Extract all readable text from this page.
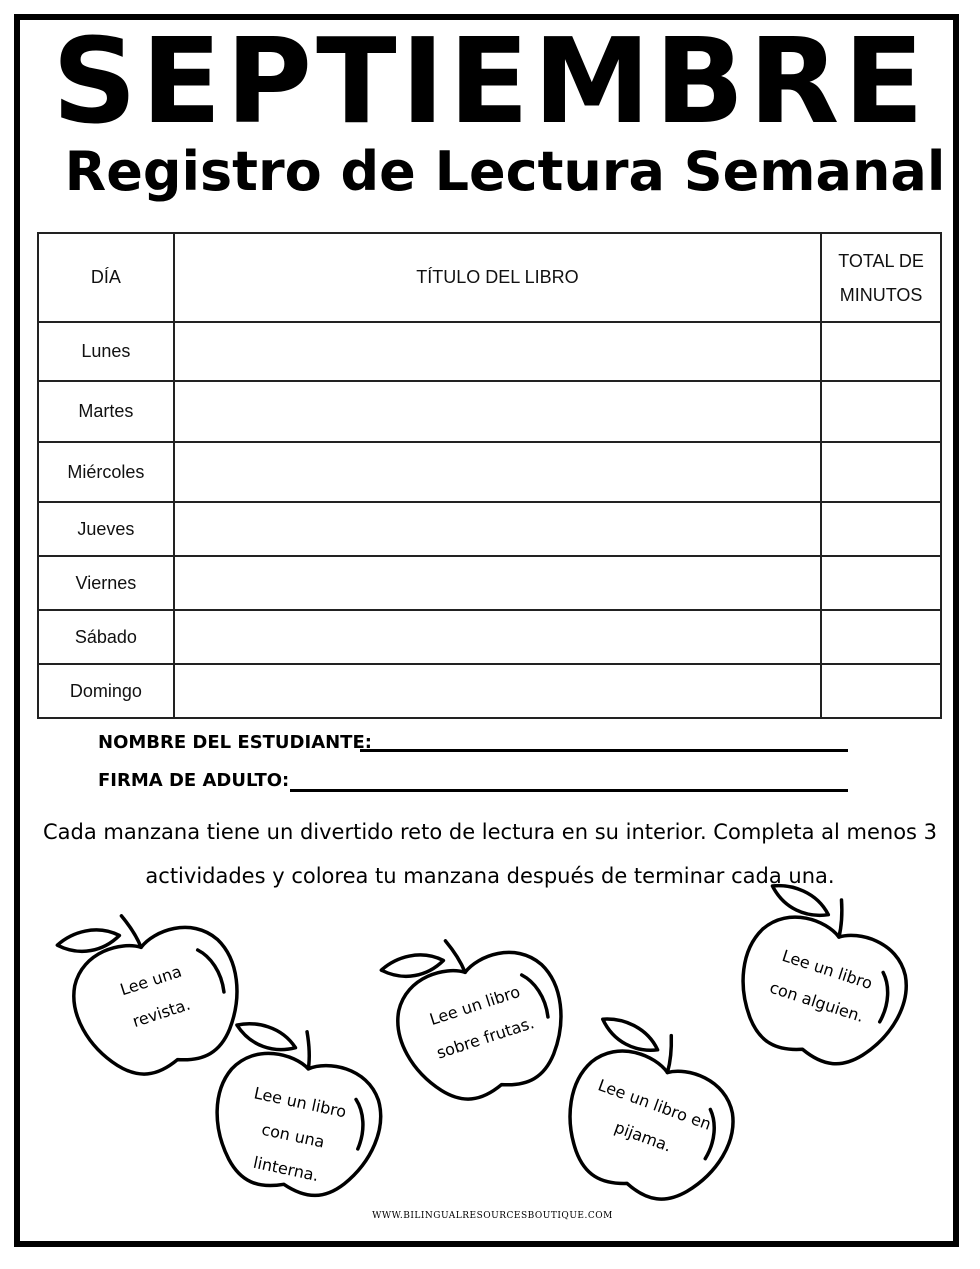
SEPTIEMBRE
Registro de Lectura Semanal
DÍA	TÍTULO DEL LIBRO	TOTAL DE MINUTOS
Lunes		
Martes		
Miércoles		
Jueves		
Viernes		
Sábado		
Domingo		
NOMBRE DEL ESTUDIANTE:
FIRMA DE ADULTO:

Cada manzana tiene un divertido reto de lectura en su interior. Completa al menos 3 actividades y colorea tu manzana después de terminar cada una.

Lee una revista.
Lee un libro con una linterna.
Lee un libro sobre frutas.
Lee un libro en pijama.
Lee un libro con alguien.
WWW.BILINGUALRESOURCESBOUTIQUE.COM
